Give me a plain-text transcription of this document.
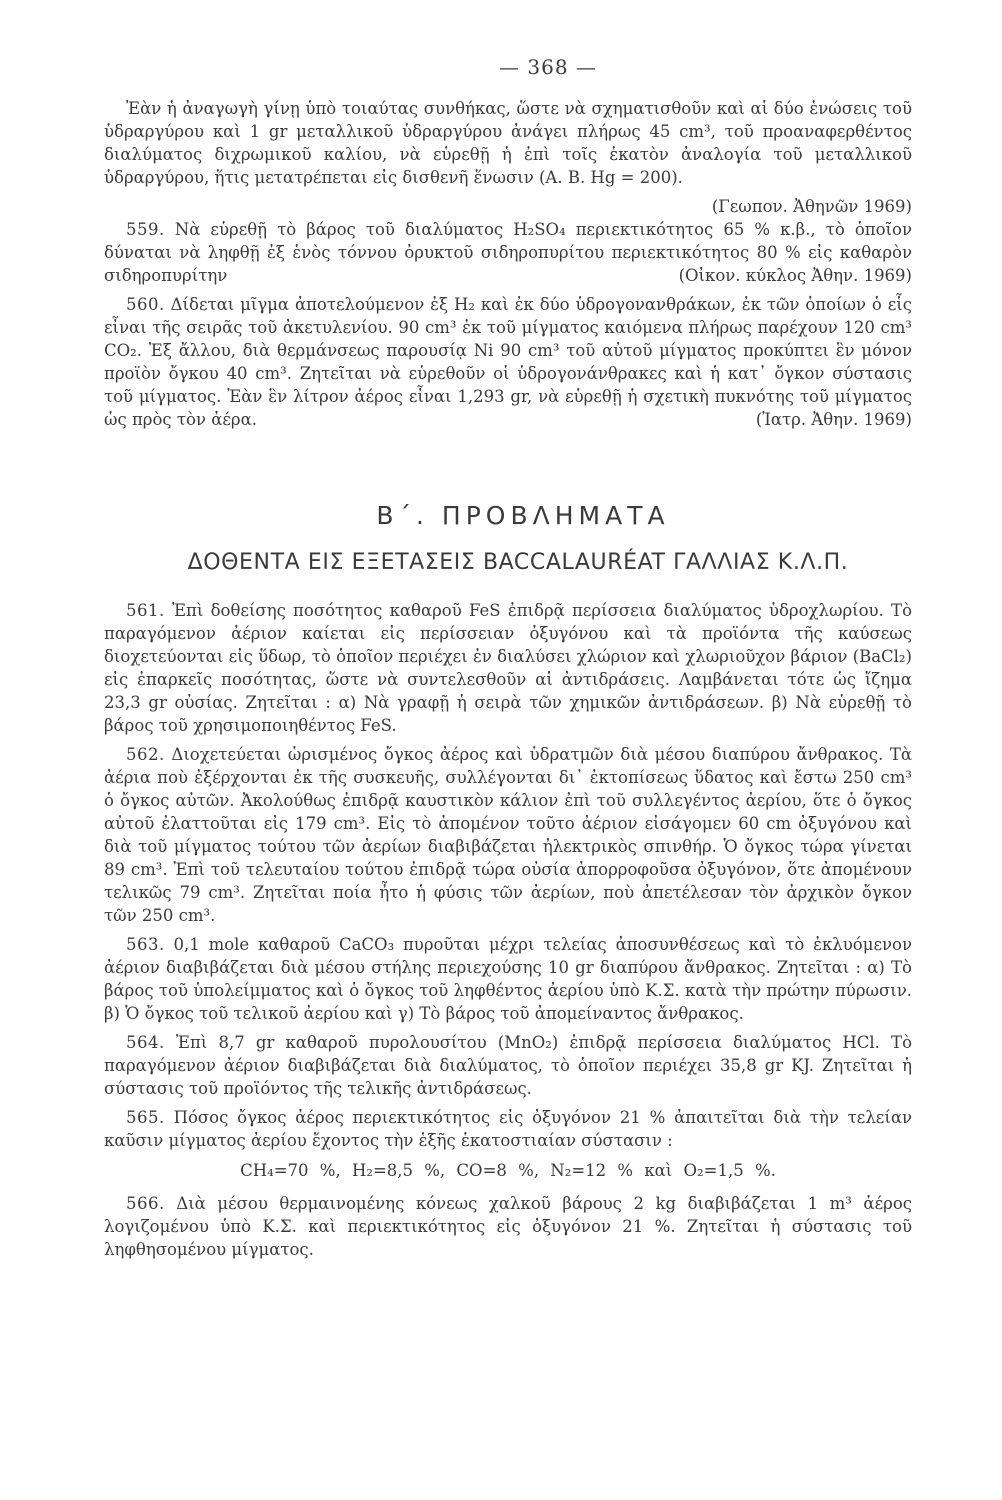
— 368 —

Ἐὰν ἡ ἀναγωγὴ γίνῃ ὑπὸ τοιαύτας συνθήκας, ὥστε νὰ σχηματισθοῦν καὶ αἱ δύο ἑνώσεις τοῦ ὑδραργύρου καὶ 1 gr μεταλλικοῦ ὑδραργύρου ἀνάγει πλήρως 45 cm³, τοῦ προαναφερθέντος διαλύματος διχρωμικοῦ καλίου, νὰ εὑρεθῇ ἡ ἐπὶ τοῖς ἑκατὸν ἀναλογία τοῦ μεταλλικοῦ ὑδραργύρου, ἥτις μετατρέπεται εἰς δισθενῆ ἕνωσιν (Α. Β. Hg = 200).

(Γεωπον. Ἀθηνῶν 1969)

559. Νὰ εὑρεθῇ τὸ βάρος τοῦ διαλύματος H₂SO₄ περιεκτικότητος 65 % κ.β., τὸ ὁποῖον δύναται νὰ ληφθῇ ἐξ ἑνὸς τόννου ὀρυκτοῦ σιδηροπυρίτου περιεκτικότητος 80 % εἰς καθαρὸν σιδηροπυρίτην	(Οἰκον. κύκλος Ἀθην. 1969)

560. Δίδεται μῖγμα ἀποτελούμενον ἐξ H₂ καὶ ἐκ δύο ὑδρογονανθράκων, ἐκ τῶν ὁποίων ὁ εἷς εἶναι τῆς σειρᾶς τοῦ ἀκετυλενίου. 90 cm³ ἐκ τοῦ μίγματος καιόμενα πλήρως παρέχουν 120 cm³ CO₂. Ἐξ ἄλλου, διὰ θερμάνσεως παρουσίᾳ Ni 90 cm³ τοῦ αὐτοῦ μίγματος προκύπτει ἓν μόνον προϊὸν ὄγκου 40 cm³. Ζητεῖται νὰ εὑρεθοῦν οἱ ὑδρογονάνθρακες καὶ ἡ κατ᾽ ὄγκον σύστασις τοῦ μίγματος. Ἐὰν ἓν λίτρον ἀέρος εἶναι 1,293 gr, νὰ εὑρεθῇ ἡ σχετικὴ πυκνότης τοῦ μίγματος ὡς πρὸς τὸν ἀέρα.	(Ἰατρ. Ἀθην. 1969)

Β΄. ΠΡΟΒΛΗΜΑΤΑ
ΔΟΘΕΝΤΑ ΕΙΣ ΕΞΕΤΑΣΕΙΣ BACCALAURÉAT ΓΑΛΛΙΑΣ Κ.Λ.Π.

561. Ἐπὶ δοθείσης ποσότητος καθαροῦ FeS ἐπιδρᾷ περίσσεια διαλύματος ὑδροχλωρίου. Τὸ παραγόμενον ἀέριον καίεται εἰς περίσσειαν ὀξυγόνου καὶ τὰ προϊόντα τῆς καύσεως διοχετεύονται εἰς ὕδωρ, τὸ ὁποῖον περιέχει ἐν διαλύσει χλώριον καὶ χλωριοῦχον βάριον (BaCl₂) εἰς ἐπαρκεῖς ποσότητας, ὥστε νὰ συντελεσθοῦν αἱ ἀντιδράσεις. Λαμβάνεται τότε ὡς ἴζημα 23,3 gr οὐσίας. Ζητεῖται : α) Νὰ γραφῇ ἡ σειρὰ τῶν χημικῶν ἀντιδράσεων. β) Νὰ εὑρεθῇ τὸ βάρος τοῦ χρησιμοποιηθέντος FeS.

562. Διοχετεύεται ὡρισμένος ὄγκος ἀέρος καὶ ὑδρατμῶν διὰ μέσου διαπύρου ἄνθρακος. Τὰ ἀέρια ποὺ ἐξέρχονται ἐκ τῆς συσκευῆς, συλλέγονται δι᾽ ἐκτοπίσεως ὕδατος καὶ ἔστω 250 cm³ ὁ ὄγκος αὐτῶν. Ἀκολούθως ἐπιδρᾷ καυστικὸν κάλιον ἐπὶ τοῦ συλλεγέντος ἀερίου, ὅτε ὁ ὄγκος αὐτοῦ ἐλαττοῦται εἰς 179 cm³. Εἰς τὸ ἀπομένον τοῦτο ἀέριον εἰσάγομεν 60 cm ὀξυγόνου καὶ διὰ τοῦ μίγματος τούτου τῶν ἀερίων διαβιβάζεται ἠλεκτρικὸς σπινθήρ. Ὁ ὄγκος τώρα γίνεται 89 cm³. Ἐπὶ τοῦ τελευταίου τούτου ἐπιδρᾷ τώρα οὐσία ἀπορροφοῦσα ὀξυγόνον, ὅτε ἀπομένουν τελικῶς 79 cm³. Ζητεῖται ποία ἦτο ἡ φύσις τῶν ἀερίων, ποὺ ἀπετέλεσαν τὸν ἀρχικὸν ὄγκον τῶν 250 cm³.

563. 0,1 mole καθαροῦ CaCO₃ πυροῦται μέχρι τελείας ἀποσυνθέσεως καὶ τὸ ἐκλυόμενον ἀέριον διαβιβάζεται διὰ μέσου στήλης περιεχούσης 10 gr διαπύρου ἄνθρακος. Ζητεῖται : α) Τὸ βάρος τοῦ ὑπολείμματος καὶ ὁ ὄγκος τοῦ ληφθέντος ἀερίου ὑπὸ Κ.Σ. κατὰ τὴν πρώτην πύρωσιν. β) Ὁ ὄγκος τοῦ τελικοῦ ἀερίου καὶ γ) Τὸ βάρος τοῦ ἀπομείναντος ἄνθρακος.

564. Ἐπὶ 8,7 gr καθαροῦ πυρολουσίτου (MnO₂) ἐπιδρᾷ περίσσεια διαλύματος HCl. Τὸ παραγόμενον ἀέριον διαβιβάζεται διὰ διαλύματος, τὸ ὁποῖον περιέχει 35,8 gr KJ. Ζητεῖται ἡ σύστασις τοῦ προϊόντος τῆς τελικῆς ἀντιδράσεως.

565. Πόσος ὄγκος ἀέρος περιεκτικότητος εἰς ὀξυγόνον 21 % ἀπαιτεῖται διὰ τὴν τελείαν καῦσιν μίγματος ἀερίου ἔχοντος τὴν ἑξῆς ἑκατοστιαίαν σύστασιν :

CH₄=70 %, H₂=8,5 %, CO=8 %, N₂=12 % καὶ O₂=1,5 %.

566. Διὰ μέσου θερμαινομένης κόνεως χαλκοῦ βάρους 2 kg διαβιβάζεται 1 m³ ἀέρος λογιζομένου ὑπὸ Κ.Σ. καὶ περιεκτικότητος εἰς ὀξυγόνον 21 %. Ζητεῖται ἡ σύστασις τοῦ ληφθησομένου μίγματος.
